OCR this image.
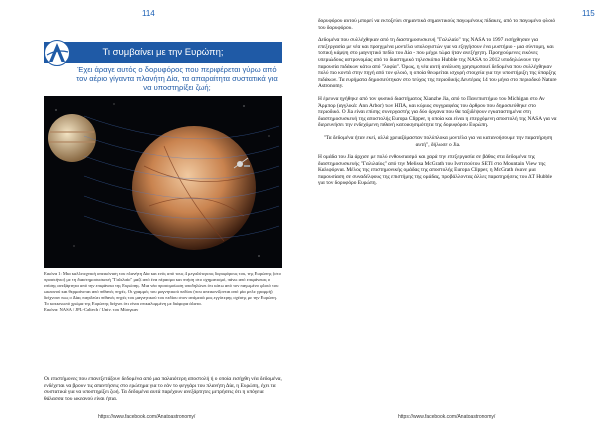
114
Τι συμβαίνει με την Ευρώπη;
Έχει άραγε αυτός ο δορυφόρος που περιφέρεται γύρω από τον αέριο γίγαντα πλανήτη Δία, τα απαραίτητα συστατικά για να υποστηρίξει ζωή;

Εικόνα 1: Μια καλλιτεχνική απεικόνιση του πλανήτη Δία και ενός από τους 4 μεγαλύτερους δορυφόρους του, της Ευρώπης (στο προσκήνιο) με τη διαστημοσυσκευή "Γαλιλαίο" μαζί από ένα πέρασμα και πτήση στο σχηματισμό, πάνω από επιφάνειας ο επίσης ανεξάρτητα από την επιφάνεια της Ευρώπης. Μια νέα προσομοίωση υποδηλώνει ότι κάτω από τον παγωμένο φλοιό του ωκεανού και θερμαίνεται από πιθανές πηγές. Οι γραμμές του μαγνητικού πεδίου (που απεικονίζονται από μία μπλε γραμμή) δείχνουν πως ο Δίας παγιδεύει πιθανές πηγές του μαγνητικού του πεδίου στον ανάμεσά μας εγγύτερης σχέσης με την Ευρώπη. Το κοκκινωπό χρώμα της Ευρώπης δείχνει ότι είναι επικαλυμμένη με διάφορα άλατα.

Εικόνα: NASA / JPL-Caltech / Univ. του Μίσιγκαν

Οι επιστήμονες που επανεξετάζουν δεδομένα από μια παλαιότερη αποστολή ή ο οποία εισήχθη νέα δεδομένα, ενδέχεται να βρουν τις απαντήσεις στο ερώτημα για το εάν το φεγγάρι του πλανήτη Δία, η Ευρώπη, έχει τα συστατικά για να υποστηρίξει ζωή. Τα δεδομένα αυτά παρέχουν ανεξάρτητες μετρήσεις ότι η υπόγεια θάλασσα του ωκεανού είναι ήπια.

https://www.facebook.com/Anatoastronomy/
115

δορυφόρου αυτού μπορεί να εκτοξεύει σημαντικά σημαντικούς παγωμένους πίδακες, από το παγωμένο φλοιό του δορυφόρου.

Δεδομένα που συλλέχθηκαν από τη διαστημοσυσκευή "Γαλιλαίο" της NASA το 1997 εισήχθησαν για επεξεργασία με νέα και προηγμένα μοντέλα υπολογιστών για να εξηγήσουν ένα μυστήριο - μια σύντομη, και τοπική κάμψη στο μαγνητικό πεδίο του Δία - που μέχρι τώρα ήταν ανεξήγητη. Προηγούμενες εικόνες υπεριώδους αστρονομίας από το διαστημικό τηλεσκόπιο Hubble της NASA το 2012 υποδηλώνουν την παρουσία πιδάκων κάτω από "λοφία". Όμως, η νέα αυτή ανάλυση χρησιμοποιεί δεδομένα που συλλέχθηκαν πολύ πιο κοντά στην πηγή από τον φλοιό, η οποία θεωρείται ισχυρή στοιχεία για την υποστήριξη της ύπαρξης πιδάκων. Τα ευρήματα δημοσιεύτηκαν στο τεύχος της περιοδικής Δευτέρας 14 του μήνα στο περιοδικό Nature Astronomy.

Η έρευνα ηγήθηκε από τον φυσικό διαστήματος Xianzhe Jia, από το Πανεπιστήμιο του Michigan στο Αν Άρμπορ (αγγλικά: Ann Arbor) των ΗΠΑ, και κύριος συγγραφέας του άρθρου που δημοσιεύθηκε στο περιοδικό. Ο Jia είναι επίσης συνεργαστής για δύο όργανα που θα ταξιδέψουν εγκαταστημένα στη διαστημοσυσκευή της αποστολής Europa Clipper, η οποία και είναι η επερχόμενη αποστολή της NASA για να διερευνήσει την ενδεχόμενη πιθανή κατοικησιμότητα της δορυφόρου Ευρώπη.

"Τα δεδομένα ήταν εκεί, αλλά χρειαζόμασταν πολύπλοκα μοντέλα για να κατανοήσουμε την παρατήρηση αυτή", δήλωσε ο Jia.

Η ομάδα του Jia άρχισε με πολύ ενθουσιασμό και χαρά την επεξεργασία σε βάθος στα δεδομένα της διαστημοσυσκευής "Γαλιλαίος" από την Melissa McGrath του Ινστιτούτου SETI στο Mountain View της Καλιφόρνια. Μέλος της επιστημονικής ομάδας της αποστολής Europa Clipper, η McGrath έκανε μια παρουσίαση σε συναδέλφους της επιστήμης της ομάδας, προβάλλοντας άλλες παρατηρήσεις του ΔT Hubble για τον δορυφόρο Ευρώπη.

https://www.facebook.com/Anatoastronomy/
